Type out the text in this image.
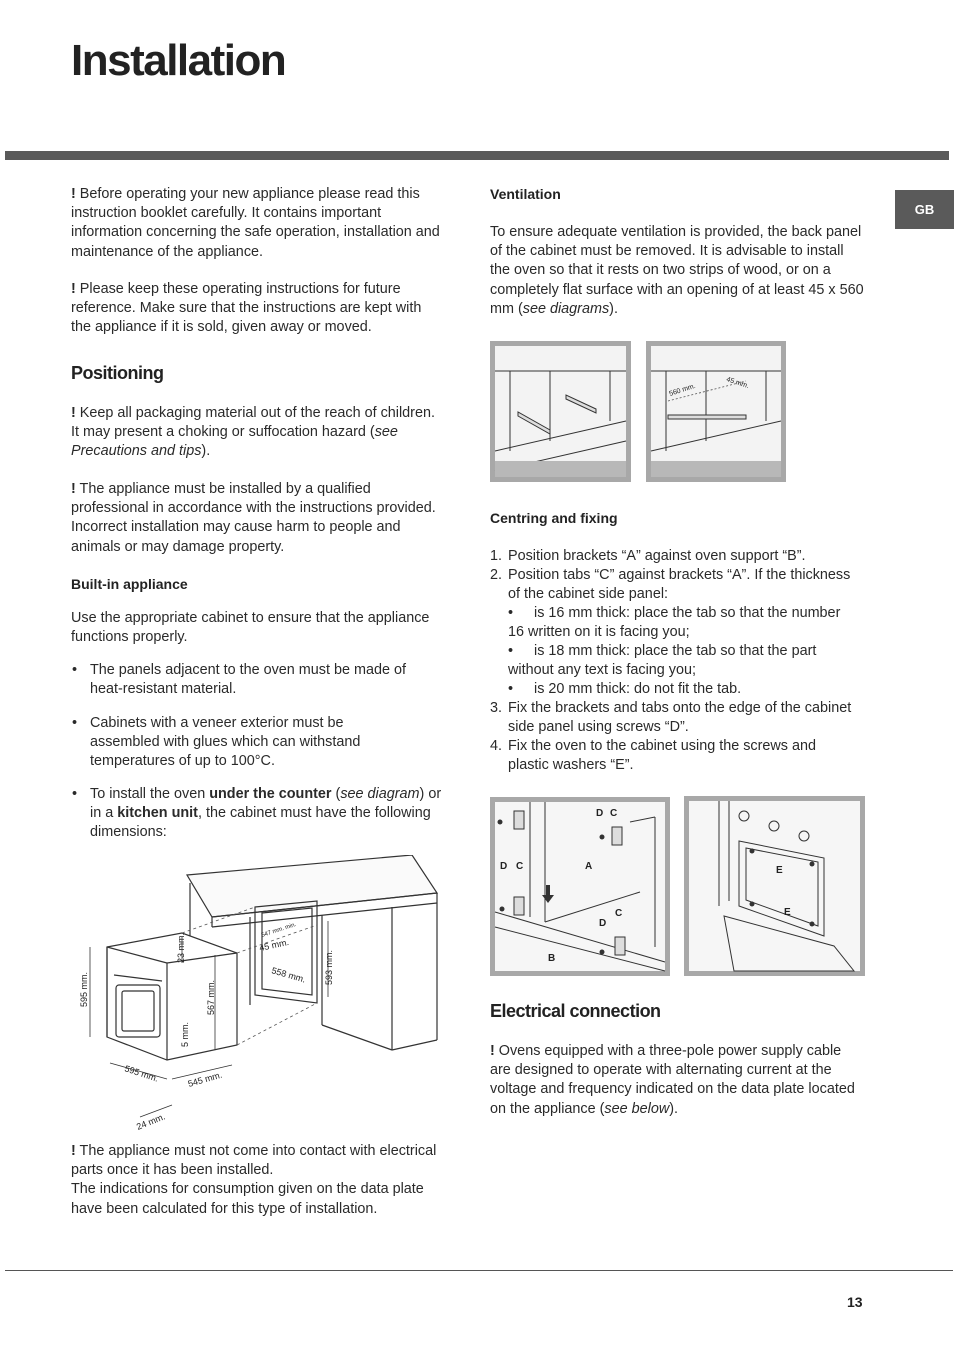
Installation
GB

! Before operating your new appliance please read this instruction booklet carefully. It contains important information concerning the safe operation, installation and maintenance of the appliance.

! Please keep these operating instructions for future reference. Make sure that the instructions are kept with the appliance if it is sold, given away or moved.

Positioning

! Keep all packaging material out of the reach of children. It may present a choking or suffocation hazard (see Precautions and tips).

! The appliance must be installed by a qualified professional in accordance with the instructions provided. Incorrect installation may cause harm to people and animals or may damage property.

Built-in appliance

Use the appropriate cabinet to ensure that the appliance functions properly.

• The panels adjacent to the oven must be made of heat-resistant material.
• Cabinets with a veneer exterior must be assembled with glues which can withstand temperatures of up to 100°C.
• To install the oven under the counter (see diagram) or in a kitchen unit, the cabinet must have the following dimensions:
595 mm.
23 mm.
567 mm.
5 mm.
595 mm.	545 mm.
24 mm.
547 mm. min.
45 mm.
558 mm. 593 mm.

! The appliance must not come into contact with electrical parts once it has been installed.

The indications for consumption given on the data plate have been calculated for this type of installation.

Ventilation

To ensure adequate ventilation is provided, the back panel of the cabinet must be removed. It is advisable to install the oven so that it rests on two strips of wood, or on a completely flat surface with an opening of at least 45 x 560 mm (see diagrams).

560 mm.	45 mm.
Centring and fixing
1. Position brackets “A” against oven support “B”.
2. Position tabs “C” against brackets “A”. If the thickness of the cabinet side panel:
•	is 16 mm thick: place the tab so that the number 16 written on it is facing you;
•	is 18 mm thick: place the tab so that the part without any text is facing you;
•	is 20 mm thick: do not fit the tab.
3. Fix the brackets and tabs onto the edge of the cabinet side panel using screws “D”.
4. Fix the oven to the cabinet using the screws and plastic washers “E”.
D C
D C	A
D
C
B
E
E
Electrical connection

! Ovens equipped with a three-pole power supply cable are designed to operate with alternating current at the voltage and frequency indicated on the data plate located on the appliance (see below).

13
